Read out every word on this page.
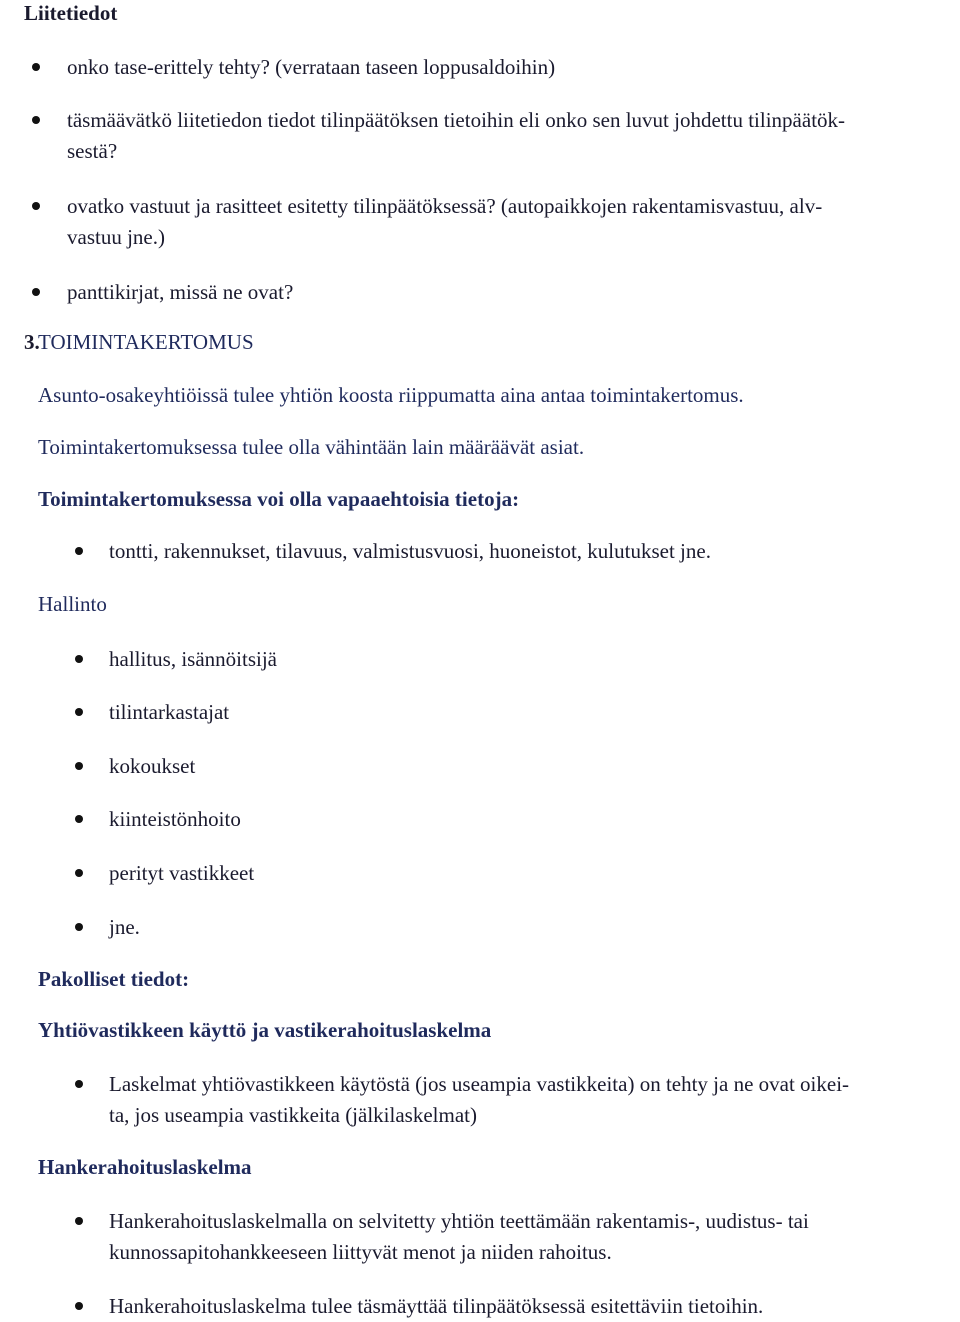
Liitetiedot

onko tase-erittely tehty? (verrataan taseen loppusaldoihin)

täsmäävätkö liitetiedon tiedot tilinpäätöksen tietoihin eli onko sen luvut johdettu tilinpäätök-

sestä?

ovatko vastuut ja rasitteet esitetty tilinpäätöksessä? (autopaikkojen rakentamisvastuu, alv-

vastuu jne.)

panttikirjat, missä ne ovat?

3.

TOIMINTAKERTOMUS

Asunto-osakeyhtiöissä tulee yhtiön koosta riippumatta aina antaa toimintakertomus.

Toimintakertomuksessa tulee olla vähintään lain määräävät asiat.

Toimintakertomuksessa voi olla vapaaehtoisia tietoja:

tontti, rakennukset, tilavuus, valmistusvuosi, huoneistot, kulutukset jne.

Hallinto

hallitus, isännöitsijä

tilintarkastajat

kokoukset

kiinteistönhoito

perityt vastikkeet

jne.

Pakolliset tiedot:

Yhtiövastikkeen käyttö ja vastikerahoituslaskelma

Laskelmat yhtiövastikkeen käytöstä (jos useampia vastikkeita) on tehty ja ne ovat oikei-

ta, jos useampia vastikkeita (jälkilaskelmat)

Hankerahoituslaskelma

Hankerahoituslaskelmalla on selvitetty yhtiön teettämään rakentamis-, uudistus- tai

kunnossapitohankkeeseen liittyvät menot ja niiden rahoitus.

Hankerahoituslaskelma tulee täsmäyttää tilinpäätöksessä esitettäviin tietoihin.
